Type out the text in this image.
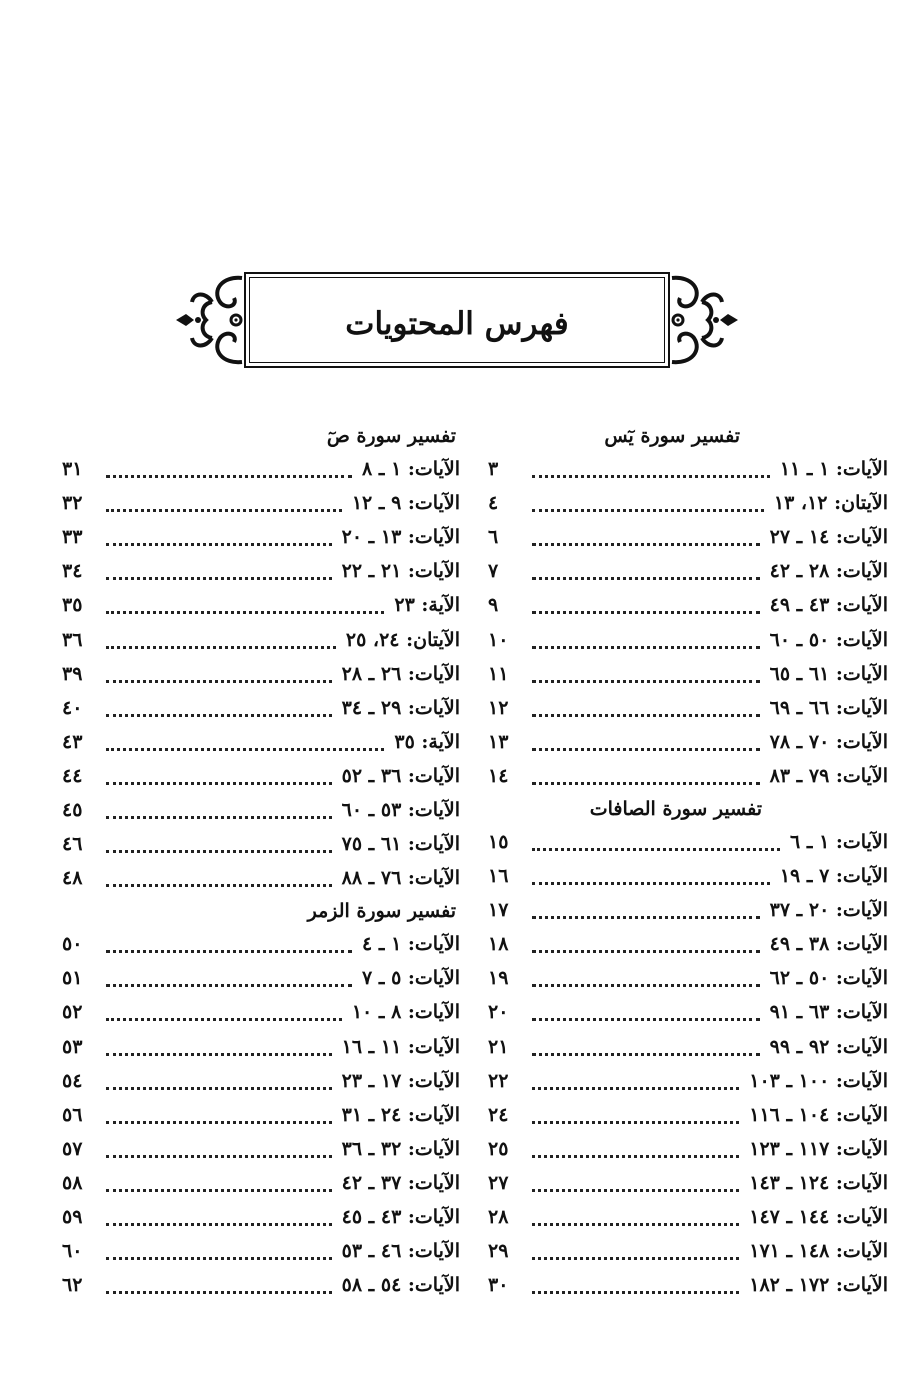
فهرس المحتويات
تفسير سورة يٓس
الآيات: ١ ـ ١١
٣
الآيتان: ١٢، ١٣
٤
الآيات: ١٤ ـ ٢٧
٦
الآيات: ٢٨ ـ ٤٢
٧
الآيات: ٤٣ ـ ٤٩
٩
الآيات: ٥٠ ـ ٦٠
١٠
الآيات: ٦١ ـ ٦٥
١١
الآيات: ٦٦ ـ ٦٩
١٢
الآيات: ٧٠ ـ ٧٨
١٣
الآيات: ٧٩ ـ ٨٣
١٤
تفسير سورة الصافات
الآيات: ١ ـ ٦
١٥
الآيات: ٧ ـ ١٩
١٦
الآيات: ٢٠ ـ ٣٧
١٧
الآيات: ٣٨ ـ ٤٩
١٨
الآيات: ٥٠ ـ ٦٢
١٩
الآيات: ٦٣ ـ ٩١
٢٠
الآيات: ٩٢ ـ ٩٩
٢١
الآيات: ١٠٠ ـ ١٠٣
٢٢
الآيات: ١٠٤ ـ ١١٦
٢٤
الآيات: ١١٧ ـ ١٢٣
٢٥
الآيات: ١٢٤ ـ ١٤٣
٢٧
الآيات: ١٤٤ ـ ١٤٧
٢٨
الآيات: ١٤٨ ـ ١٧١
٢٩
الآيات: ١٧٢ ـ ١٨٢
٣٠
تفسير سورة صٓ
الآيات: ١ ـ ٨
٣١
الآيات: ٩ ـ ١٢
٣٢
الآيات: ١٣ ـ ٢٠
٣٣
الآيات: ٢١ ـ ٢٢
٣٤
الآية: ٢٣
٣٥
الآيتان: ٢٤، ٢٥
٣٦
الآيات: ٢٦ ـ ٢٨
٣٩
الآيات: ٢٩ ـ ٣٤
٤٠
الآية: ٣٥
٤٣
الآيات: ٣٦ ـ ٥٢
٤٤
الآيات: ٥٣ ـ ٦٠
٤٥
الآيات: ٦١ ـ ٧٥
٤٦
الآيات: ٧٦ ـ ٨٨
٤٨
تفسير سورة الزمر
الآيات: ١ ـ ٤
٥٠
الآيات: ٥ ـ ٧
٥١
الآيات: ٨ ـ ١٠
٥٢
الآيات: ١١ ـ ١٦
٥٣
الآيات: ١٧ ـ ٢٣
٥٤
الآيات: ٢٤ ـ ٣١
٥٦
الآيات: ٣٢ ـ ٣٦
٥٧
الآيات: ٣٧ ـ ٤٢
٥٨
الآيات: ٤٣ ـ ٤٥
٥٩
الآيات: ٤٦ ـ ٥٣
٦٠
الآيات: ٥٤ ـ ٥٨
٦٢
